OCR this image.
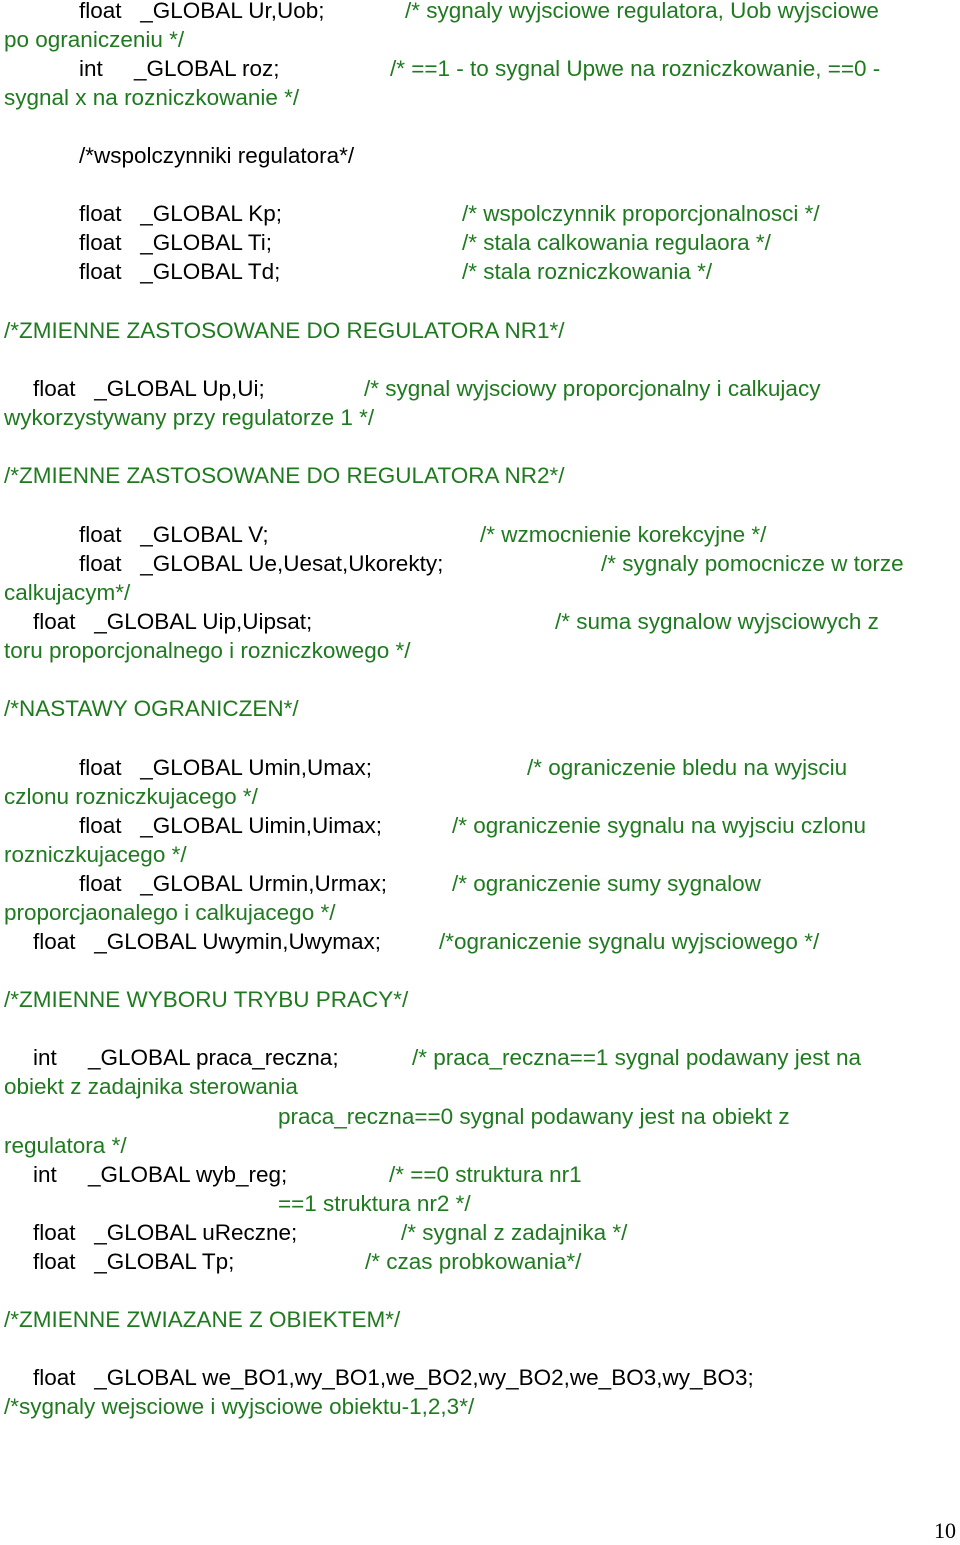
float   _GLOBAL Ur,Uob;	/* sygnaly wyjsciowe regulatora, Uob wyjsciowe
po ograniczeniu */
int     _GLOBAL roz;	/* ==1 - to sygnal Upwe na rozniczkowanie, ==0 -
sygnal x na rozniczkowanie */
/*wspolczynniki regulatora*/
float   _GLOBAL Kp;	/* wspolczynnik proporcjonalnosci */
float   _GLOBAL Ti;	/* stala calkowania regulaora */
float   _GLOBAL Td;	/* stala rozniczkowania */
/*ZMIENNE ZASTOSOWANE DO REGULATORA NR1*/
float   _GLOBAL Up,Ui;	/* sygnal wyjsciowy proporcjonalny i calkujacy
wykorzystywany przy regulatorze 1 */
/*ZMIENNE ZASTOSOWANE DO REGULATORA NR2*/
float   _GLOBAL V;	/* wzmocnienie korekcyjne */
float   _GLOBAL Ue,Uesat,Ukorekty;	/* sygnaly pomocnicze w torze
calkujacym*/
float   _GLOBAL Uip,Uipsat;	/* suma sygnalow wyjsciowych z
toru proporcjonalnego i rozniczkowego */
/*NASTAWY OGRANICZEN*/
float   _GLOBAL Umin,Umax;	/* ograniczenie bledu na wyjsciu
czlonu rozniczkujacego */
float   _GLOBAL Uimin,Uimax;	/* ograniczenie sygnalu na wyjsciu czlonu
rozniczkujacego */
float   _GLOBAL Urmin,Urmax;	/* ograniczenie sumy sygnalow
proporcjaonalego i calkujacego */
float   _GLOBAL Uwymin,Uwymax;	/*ograniczenie sygnalu wyjsciowego */
/*ZMIENNE WYBORU TRYBU PRACY*/
int     _GLOBAL praca_reczna;	/* praca_reczna==1 sygnal podawany jest na
obiekt z zadajnika sterowania
praca_reczna==0 sygnal podawany jest na obiekt z
regulatora */
int     _GLOBAL wyb_reg;	/* ==0 struktura nr1
==1 struktura nr2 */
float   _GLOBAL uReczne;	/* sygnal z zadajnika */
float   _GLOBAL Tp;	/* czas probkowania*/
/*ZMIENNE ZWIAZANE Z OBIEKTEM*/
float   _GLOBAL we_BO1,wy_BO1,we_BO2,wy_BO2,we_BO3,wy_BO3;
/*sygnaly wejsciowe i wyjsciowe obiektu-1,2,3*/
10
